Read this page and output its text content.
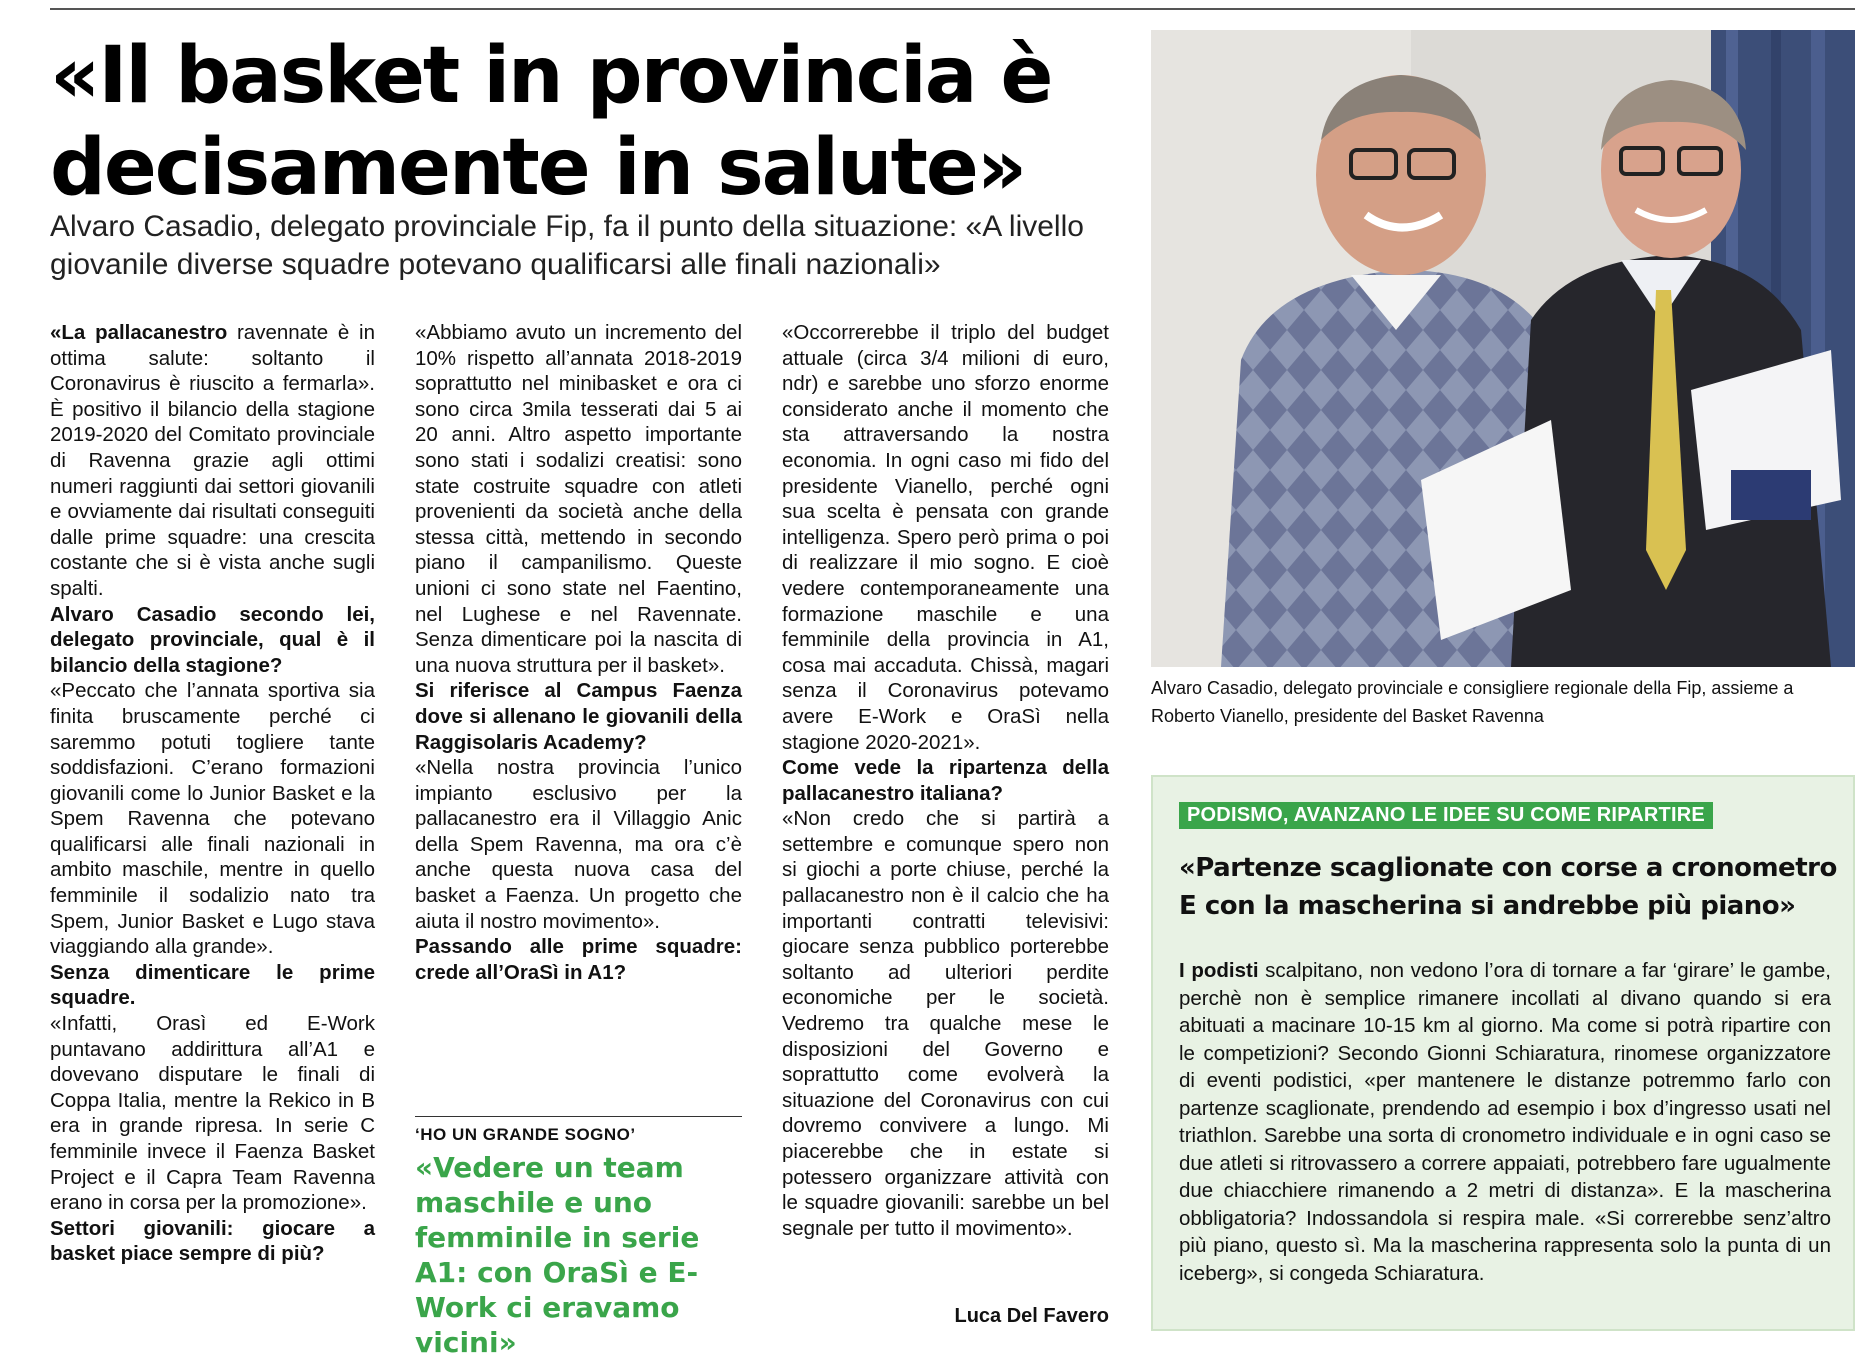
«Il basket in provincia è decisamente in salute»

Alvaro Casadio, delegato provinciale Fip, fa il punto della situazione: «A livello giovanile diverse squadre potevano qualificarsi alle finali nazionali»

«La pallacanestro ravennate è in ottima salute: soltanto il Coronavirus è riuscito a fermarla». È positivo il bilancio della stagione 2019-2020 del Comitato provinciale di Ravenna grazie agli ottimi numeri raggiunti dai settori giovanili e ovviamente dai risultati conseguiti dalle prime squadre: una crescita costante che si è vista anche sugli spalti.

Alvaro Casadio secondo lei, delegato provinciale, qual è il bilancio della stagione?

«Peccato che l’annata sportiva sia finita bruscamente perché ci saremmo potuti togliere tante soddisfazioni. C’erano formazioni giovanili come lo Junior Basket e la Spem Ravenna che potevano qualificarsi alle finali nazionali in ambito maschile, mentre in quello femminile il sodalizio nato tra Spem, Junior Basket e Lugo stava viaggiando alla grande».

Senza dimenticare le prime squadre.

«Infatti, Orasì ed E-Work puntavano addirittura all’A1 e dovevano disputare le finali di Coppa Italia, mentre la Rekico in B era in grande ripresa. In serie C femminile invece il Faenza Basket Project e il Capra Team Ravenna erano in corsa per la promozione».

Settori giovanili: giocare a basket piace sempre di più?

«Abbiamo avuto un incremento del 10% rispetto all’annata 2018-2019 soprattutto nel minibasket e ora ci sono circa 3mila tesserati dai 5 ai 20 anni. Altro aspetto importante sono stati i sodalizi creatisi: sono state costruite squadre con atleti provenienti da società anche della stessa città, mettendo in secondo piano il campanilismo. Queste unioni ci sono state nel Faentino, nel Lughese e nel Ravennate. Senza dimenticare poi la nascita di una nuova struttura per il basket».

Si riferisce al Campus Faenza dove si allenano le giovanili della Raggisolaris Academy?

«Nella nostra provincia l’unico impianto esclusivo per la pallacanestro era il Villaggio Anic della Spem Ravenna, ma ora c’è anche questa nuova casa del basket a Faenza. Un progetto che aiuta il nostro movimento».

Passando alle prime squadre: crede all’OraSì in A1?

‘HO UN GRANDE SOGNO’

«Vedere un team maschile e uno femminile in serie A1: con OraSì e E-Work ci eravamo vicini»

«Occorrerebbe il triplo del budget attuale (circa 3/4 milioni di euro, ndr) e sarebbe uno sforzo enorme considerato anche il momento che sta attraversando la nostra economia. In ogni caso mi fido del presidente Vianello, perché ogni sua scelta è pensata con grande intelligenza. Spero però prima o poi di realizzare il mio sogno. E cioè vedere contemporaneamente una formazione maschile e una femminile della provincia in A1, cosa mai accaduta. Chissà, magari senza il Coronavirus potevamo avere E-Work e OraSì nella stagione 2020-2021».

Come vede la ripartenza della pallacanestro italiana?

«Non credo che si partirà a settembre e comunque spero non si giochi a porte chiuse, perché la pallacanestro non è il calcio che ha importanti contratti televisivi: giocare senza pubblico porterebbe soltanto ad ulteriori perdite economiche per le società. Vedremo tra qualche mese le disposizioni del Governo e soprattutto come evolverà la situazione del Coronavirus con cui dovremo convivere a lungo. Mi piacerebbe che in estate si potessero organizzare attività con le squadre giovanili: sarebbe un bel segnale per tutto il movimento».

Luca Del Favero
Alvaro Casadio, delegato provinciale e consigliere regionale della Fip, assieme a Roberto Vianello, presidente del Basket Ravenna
PODISMO, AVANZANO LE IDEE SU COME RIPARTIRE

«Partenze scaglionate con corse a cronometro E con la mascherina si andrebbe più piano»

I podisti scalpitano, non vedono l’ora di tornare a far ‘girare’ le gambe, perchè non è semplice rimanere incollati al divano quando si era abituati a macinare 10-15 km al giorno. Ma come si potrà ripartire con le competizioni? Secondo Gionni Schiaratura, rinomese organizzatore di eventi podistici, «per mantenere le distanze potremmo farlo con partenze scaglionate, prendendo ad esempio i box d’ingresso usati nel triathlon. Sarebbe una sorta di cronometro individuale e in ogni caso se due atleti si ritrovassero a correre appaiati, potrebbero fare ugualmente due chiacchiere rimanendo a 2 metri di distanza». E la mascherina obbligatoria? Indossandola si respira male. «Si correrebbe senz’altro più piano, questo sì. Ma la mascherina rappresenta solo la punta di un iceberg», si congeda Schiaratura.
